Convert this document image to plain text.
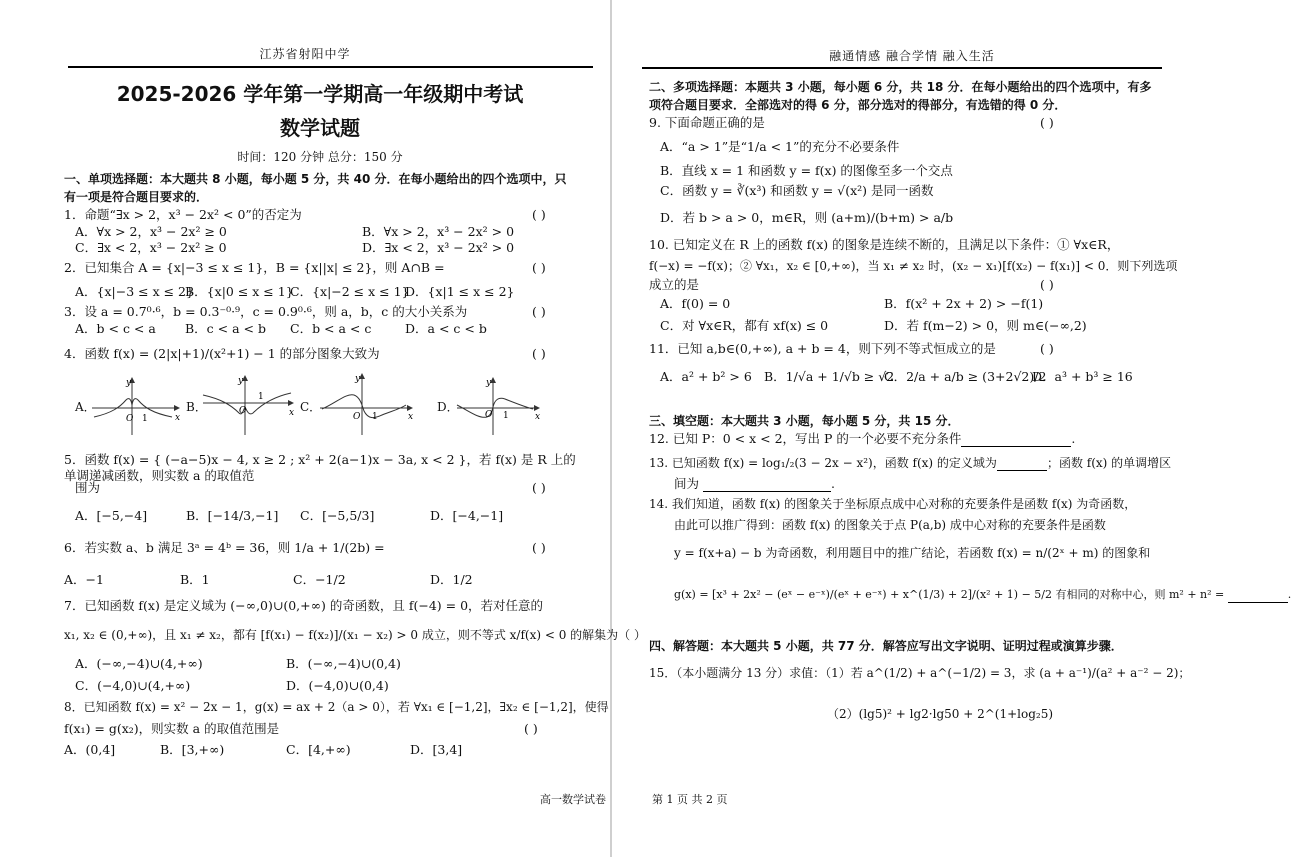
江苏省射阳中学
2025-2026 学年第一学期高一年级期中考试
数学试题
时间：120 分钟 总分：150 分
一、单项选择题：本大题共 8 小题，每小题 5 分，共 40 分．在每小题给出的四个选项中，只
有一项是符合题目要求的．
1．命题“∃x > 2，x³ − 2x² < 0”的否定为	( )
A．∀x > 2，x³ − 2x² ≥ 0	B．∀x > 2，x³ − 2x² > 0
C．∃x < 2，x³ − 2x² ≥ 0	D．∃x < 2，x³ − 2x² > 0
2．已知集合 A = {x|−3 ≤ x ≤ 1}，B = {x||x| ≤ 2}，则 A∩B =	( )
A．{x|−3 ≤ x ≤ 2}
B．{x|0 ≤ x ≤ 1}
C．{x|−2 ≤ x ≤ 1}
D．{x|1 ≤ x ≤ 2}
3．设 a = 0.7⁰·⁶，b = 0.3⁻⁰·⁹，c = 0.9⁰·⁶，则 a，b，c 的大小关系为	( )
A．b < c < a B．c < a < b C．b < a < c	D．a < c < b
4．函数 f(x) = (2|x|+1)/(x²+1) − 1 的部分图象大致为	( )
A．
O 1	x
y
B．	O
1
x
y
C．
O 1	x
y
D．
O 1	x
y
5．函数 f(x) = { (−a−5)x − 4, x ≥ 2 ; x² + 2(a−1)x − 3a, x < 2 }，若 f(x) 是 R 上的单调递减函数，则实数 a 的取值范
围为	( )
A．[−5,−4]	B．[−14/3,−1] C．[−5,5/3]	D．[−4,−1]
6．若实数 a、b 满足 3ᵃ = 4ᵇ = 36，则 1/a + 1/(2b) =	( )
A．−1	B．1	C．−1/2	D．1/2
7．已知函数 f(x) 是定义域为 (−∞,0)∪(0,+∞) 的奇函数，且 f(−4) = 0，若对任意的
x₁, x₂ ∈ (0,+∞)，且 x₁ ≠ x₂，都有 [f(x₁) − f(x₂)]/(x₁ − x₂) > 0 成立，则不等式 x/f(x) < 0 的解集为（ ）
A．(−∞,−4)∪(4,+∞)	B．(−∞,−4)∪(0,4)
C．(−4,0)∪(4,+∞)	D．(−4,0)∪(0,4)
8．已知函数 f(x) = x² − 2x − 1，g(x) = ax + 2（a > 0），若 ∀x₁ ∈ [−1,2]，∃x₂ ∈ [−1,2]，使得
f(x₁) = g(x₂)，则实数 a 的取值范围是	( )
A．(0,4]	B．[3,+∞)	C．[4,+∞)	D．[3,4]
高一数学试卷
融通情感 融合学情 融入生活
二、多项选择题：本题共 3 小题，每小题 6 分，共 18 分．在每小题给出的四个选项中，有多
项符合题目要求．全部选对的得 6 分，部分选对的得部分，有选错的得 0 分．
9. 下面命题正确的是	( )
A．“a > 1”是“1/a < 1”的充分不必要条件
B．直线 x = 1 和函数 y = f(x) 的图像至多一个交点
C．函数 y = ∛(x³) 和函数 y = √(x²) 是同一函数
D．若 b > a > 0，m∈R，则 (a+m)/(b+m) > a/b
10. 已知定义在 R 上的函数 f(x) 的图象是连续不断的，且满足以下条件：① ∀x∈R，
f(−x) = −f(x)；② ∀x₁，x₂ ∈ [0,+∞)，当 x₁ ≠ x₂ 时，(x₂ − x₁)[f(x₂) − f(x₁)] < 0．则下列选项
成立的是	( )
A．f(0) = 0	B．f(x² + 2x + 2) > −f(1)
C．对 ∀x∈R，都有 xf(x) ≤ 0	D．若 f(m−2) > 0，则 m∈(−∞,2)
11．已知 a,b∈(0,+∞), a + b = 4，则下列不等式恒成立的是	( )
A．a² + b² > 6 B．1/√a + 1/√b ≥ √2
C．2/a + a/b ≥ (3+2√2)/2
D．a³ + b³ ≥ 16
三、填空题：本大题共 3 小题，每小题 5 分，共 15 分．
12. 已知 P：0 < x < 2，写出 P 的一个必要不充分条件	.
13. 已知函数 f(x) = log₁/₂(3 − 2x − x²)，函数 f(x) 的定义域为	；函数 f(x) 的单调增区
间为	.
14. 我们知道，函数 f(x) 的图象关于坐标原点成中心对称的充要条件是函数 f(x) 为奇函数，
由此可以推广得到：函数 f(x) 的图象关于点 P(a,b) 成中心对称的充要条件是函数
y = f(x+a) − b 为奇函数，利用题目中的推广结论，若函数 f(x) = n/(2ˣ + m) 的图象和
g(x) = [x³ + 2x² − (eˣ − e⁻ˣ)/(eˣ + e⁻ˣ) + x^(1/3) + 2]/(x² + 1) − 5/2 有相同的对称中心，则 m² + n² =	.
四、解答题：本大题共 5 小题，共 77 分．解答应写出文字说明、证明过程或演算步骤．
15．（本小题满分 13 分）求值：（1）若 a^(1/2) + a^(−1/2) = 3，求 (a + a⁻¹)/(a² + a⁻² − 2)；
（2）(lg5)² + lg2·lg50 + 2^(1+log₂5)
第 1 页 共 2 页
